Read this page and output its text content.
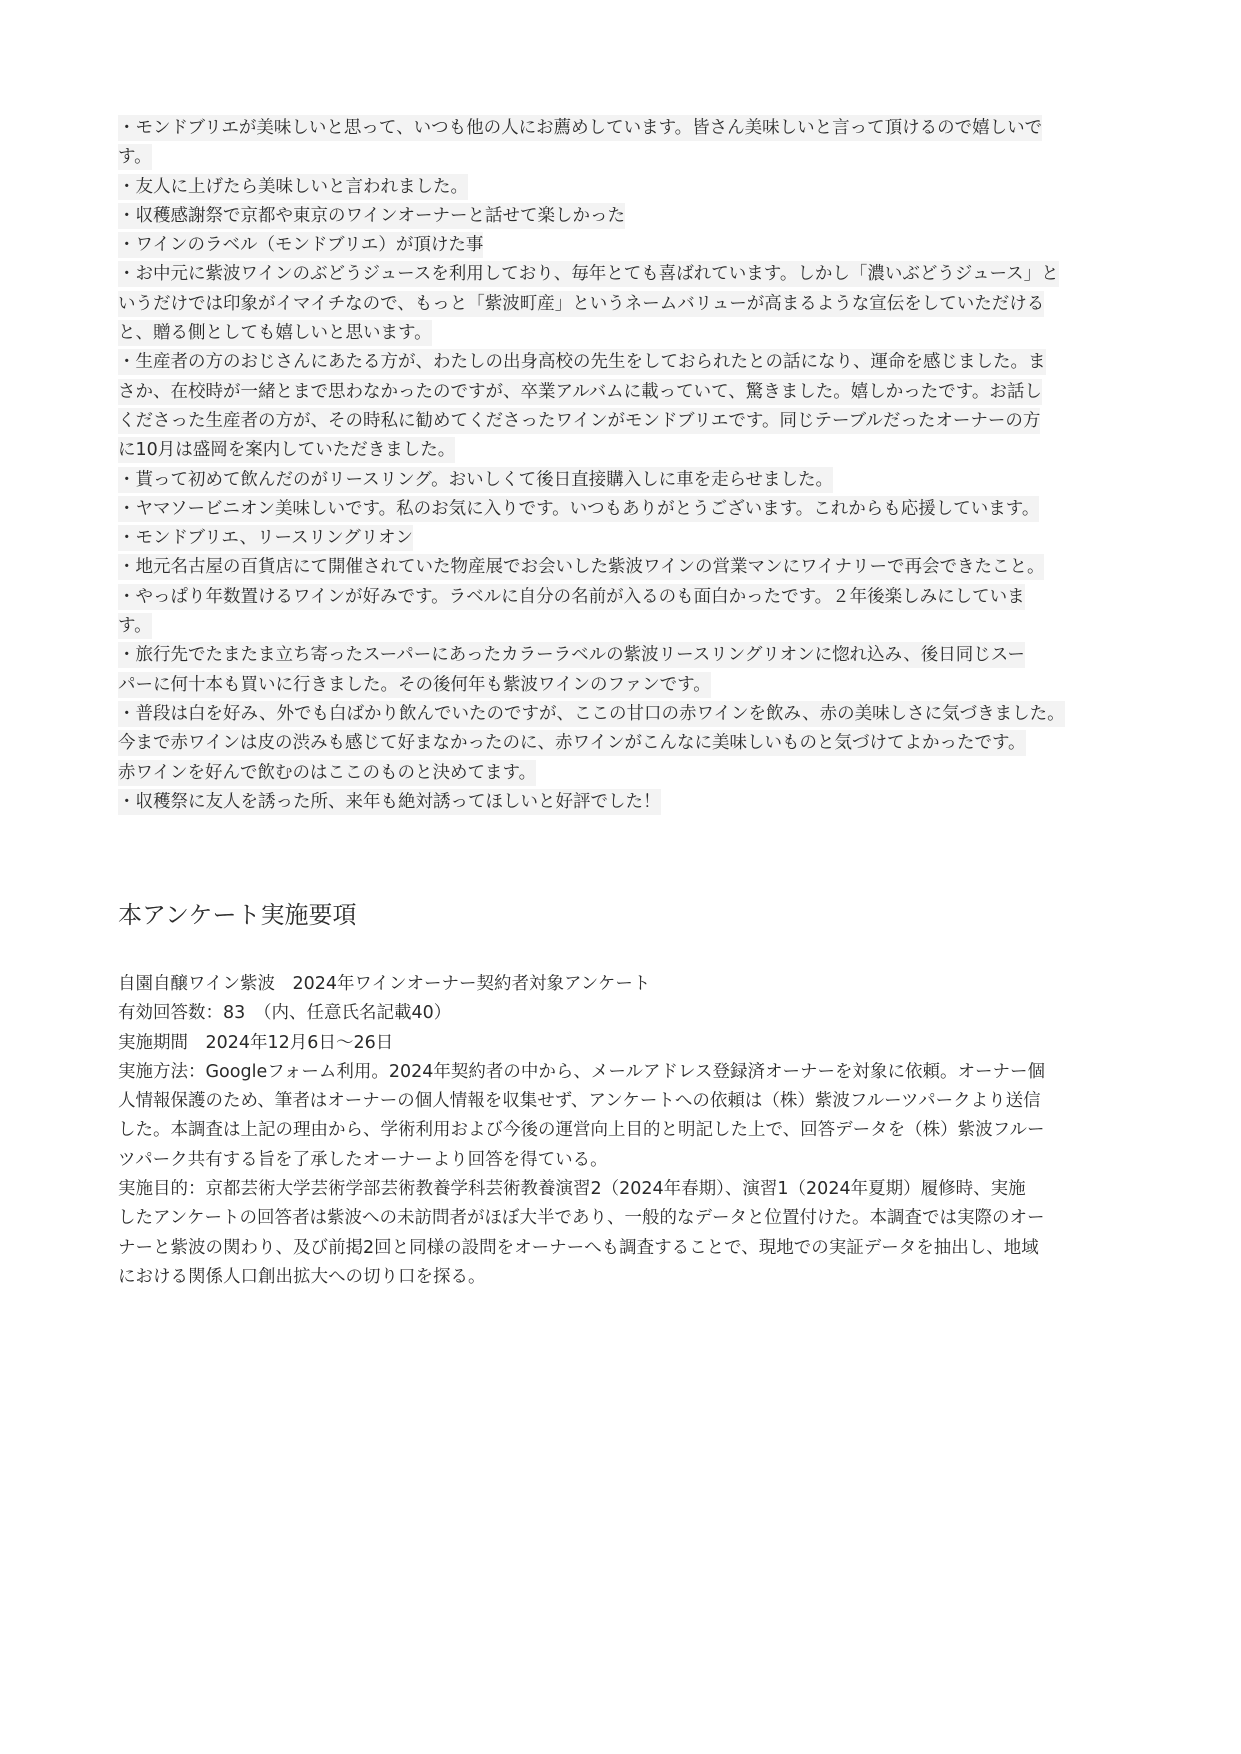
・モンドブリエが美味しいと思って、いつも他の人にお薦めしています。皆さん美味しいと言って頂けるので嬉しいで
す。
・友人に上げたら美味しいと言われました。
・収穫感謝祭で京都や東京のワインオーナーと話せて楽しかった
・ワインのラベル（モンドブリエ）が頂けた事
・お中元に紫波ワインのぶどうジュースを利用しており、毎年とても喜ばれています。しかし「濃いぶどうジュース」と
いうだけでは印象がイマイチなので、もっと「紫波町産」というネームバリューが高まるような宣伝をしていただける
と、贈る側としても嬉しいと思います。
・生産者の方のおじさんにあたる方が、わたしの出身高校の先生をしておられたとの話になり、運命を感じました。ま
さか、在校時が一緒とまで思わなかったのですが、卒業アルバムに載っていて、驚きました。嬉しかったです。お話し
くださった生産者の方が、その時私に勧めてくださったワインがモンドブリエです。同じテーブルだったオーナーの方
に10月は盛岡を案内していただきました。
・貰って初めて飲んだのがリースリング。おいしくて後日直接購入しに車を走らせました。
・ヤマソービニオン美味しいです。私のお気に入りです。いつもありがとうございます。これからも応援しています。
・モンドブリエ、リースリングリオン
・地元名古屋の百貨店にて開催されていた物産展でお会いした紫波ワインの営業マンにワイナリーで再会できたこと。
・やっぱり年数置けるワインが好みです。ラベルに自分の名前が入るのも面白かったです。２年後楽しみにしていま
す。
・旅行先でたまたま立ち寄ったスーパーにあったカラーラベルの紫波リースリングリオンに惚れ込み、後日同じスー
パーに何十本も買いに行きました。その後何年も紫波ワインのファンです。
・普段は白を好み、外でも白ばかり飲んでいたのですが、ここの甘口の赤ワインを飲み、赤の美味しさに気づきました。
今まで赤ワインは皮の渋みも感じて好まなかったのに、赤ワインがこんなに美味しいものと気づけてよかったです。
赤ワインを好んで飲むのはここのものと決めてます。
・収穫祭に友人を誘った所、来年も絶対誘ってほしいと好評でした！
本アンケート実施要項
自園自醸ワイン紫波　2024年ワインオーナー契約者対象アンケート
有効回答数：83　（内、任意氏名記載40）
実施期間　2024年12月6日〜26日
実施方法：Googleフォーム利用。2024年契約者の中から、メールアドレス登録済オーナーを対象に依頼。オーナー個
人情報保護のため、筆者はオーナーの個人情報を収集せず、アンケートへの依頼は（株）紫波フルーツパークより送信
した。本調査は上記の理由から、学術利用および今後の運営向上目的と明記した上で、回答データを（株）紫波フルー
ツパーク共有する旨を了承したオーナーより回答を得ている。
実施目的：京都芸術大学芸術学部芸術教養学科芸術教養演習2（2024年春期）、演習1（2024年夏期）履修時、実施
したアンケートの回答者は紫波への未訪問者がほぼ大半であり、一般的なデータと位置付けた。本調査では実際のオー
ナーと紫波の関わり、及び前掲2回と同様の設問をオーナーへも調査することで、現地での実証データを抽出し、地域
における関係人口創出拡大への切り口を探る。
